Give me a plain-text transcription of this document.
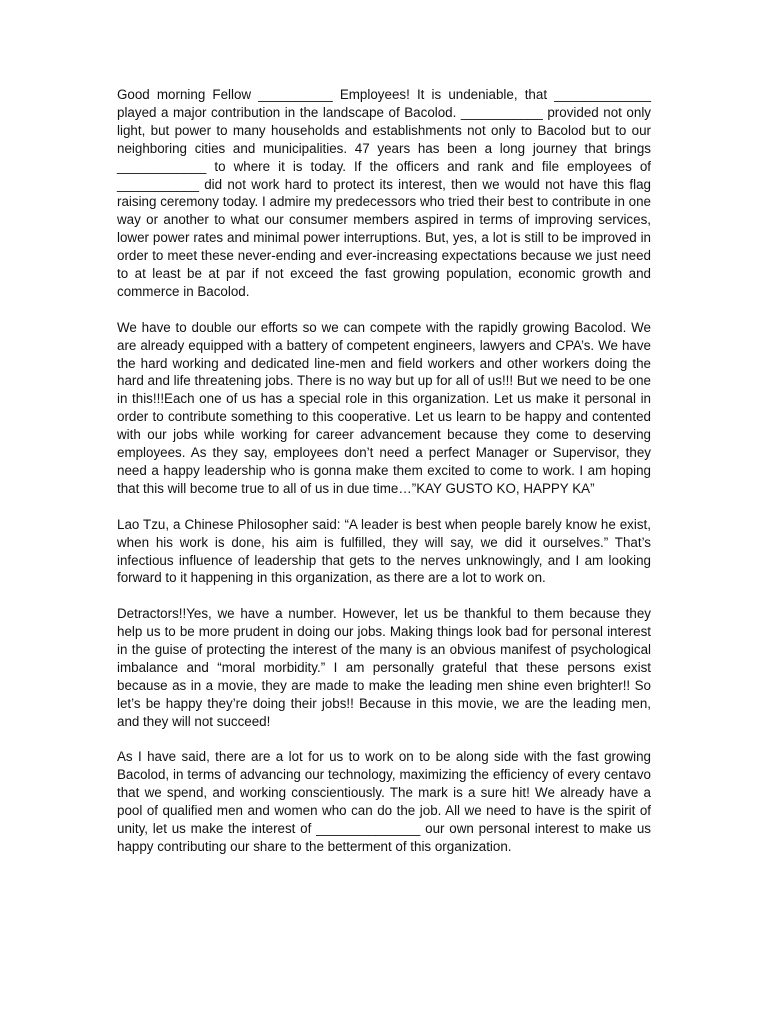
Good morning Fellow __________ Employees! It is undeniable, that _____________ played a major contribution in the landscape of Bacolod. ___________ provided not only light, but power to many households and establishments not only to Bacolod but to our neighboring cities and municipalities. 47 years has been a long journey that brings ____________ to where it is today. If the officers and rank and file employees of ___________ did not work hard to protect its interest, then we would not have this flag raising ceremony today. I admire my predecessors who tried their best to contribute in one way or another to what our consumer members aspired in terms of improving services, lower power rates and minimal power interruptions. But, yes, a lot is still to be improved in order to meet these never-ending and ever-increasing expectations because we just need to at least be at par if not exceed the fast growing population, economic growth and commerce in Bacolod.

We have to double our efforts so we can compete with the rapidly growing Bacolod. We are already equipped with a battery of competent engineers, lawyers and CPA’s. We have the hard working and dedicated line-men and field workers and other workers doing the hard and life threatening jobs. There is no way but up for all of us!!! But we need to be one in this!!!Each one of us has a special role in this organization. Let us make it personal in order to contribute something to this cooperative. Let us learn to be happy and contented with our jobs while working for career advancement because they come to deserving employees. As they say, employees don’t need a perfect Manager or Supervisor, they need a happy leadership who is gonna make them excited to come to work. I am hoping that this will become true to all of us in due time…”KAY GUSTO KO, HAPPY KA”

Lao Tzu, a Chinese Philosopher said: “A leader is best when people barely know he exist, when his work is done, his aim is fulfilled, they will say, we did it ourselves.” That’s infectious influence of leadership that gets to the nerves unknowingly, and I am looking forward to it happening in this organization, as there are a lot to work on.

Detractors!!Yes, we have a number. However, let us be thankful to them because they help us to be more prudent in doing our jobs. Making things look bad for personal interest in the guise of protecting the interest of the many is an obvious manifest of psychological imbalance and “moral morbidity.” I am personally grateful that these persons exist because as in a movie, they are made to make the leading men shine even brighter!! So let’s be happy they’re doing their jobs!! Because in this movie, we are the leading men, and they will not succeed!

As I have said, there are a lot for us to work on to be along side with the fast growing Bacolod, in terms of advancing our technology, maximizing the efficiency of every centavo that we spend, and working conscientiously. The mark is a sure hit! We already have a pool of qualified men and women who can do the job. All we need to have is the spirit of unity, let us make the interest of ______________ our own personal interest to make us happy contributing our share to the betterment of this organization.
